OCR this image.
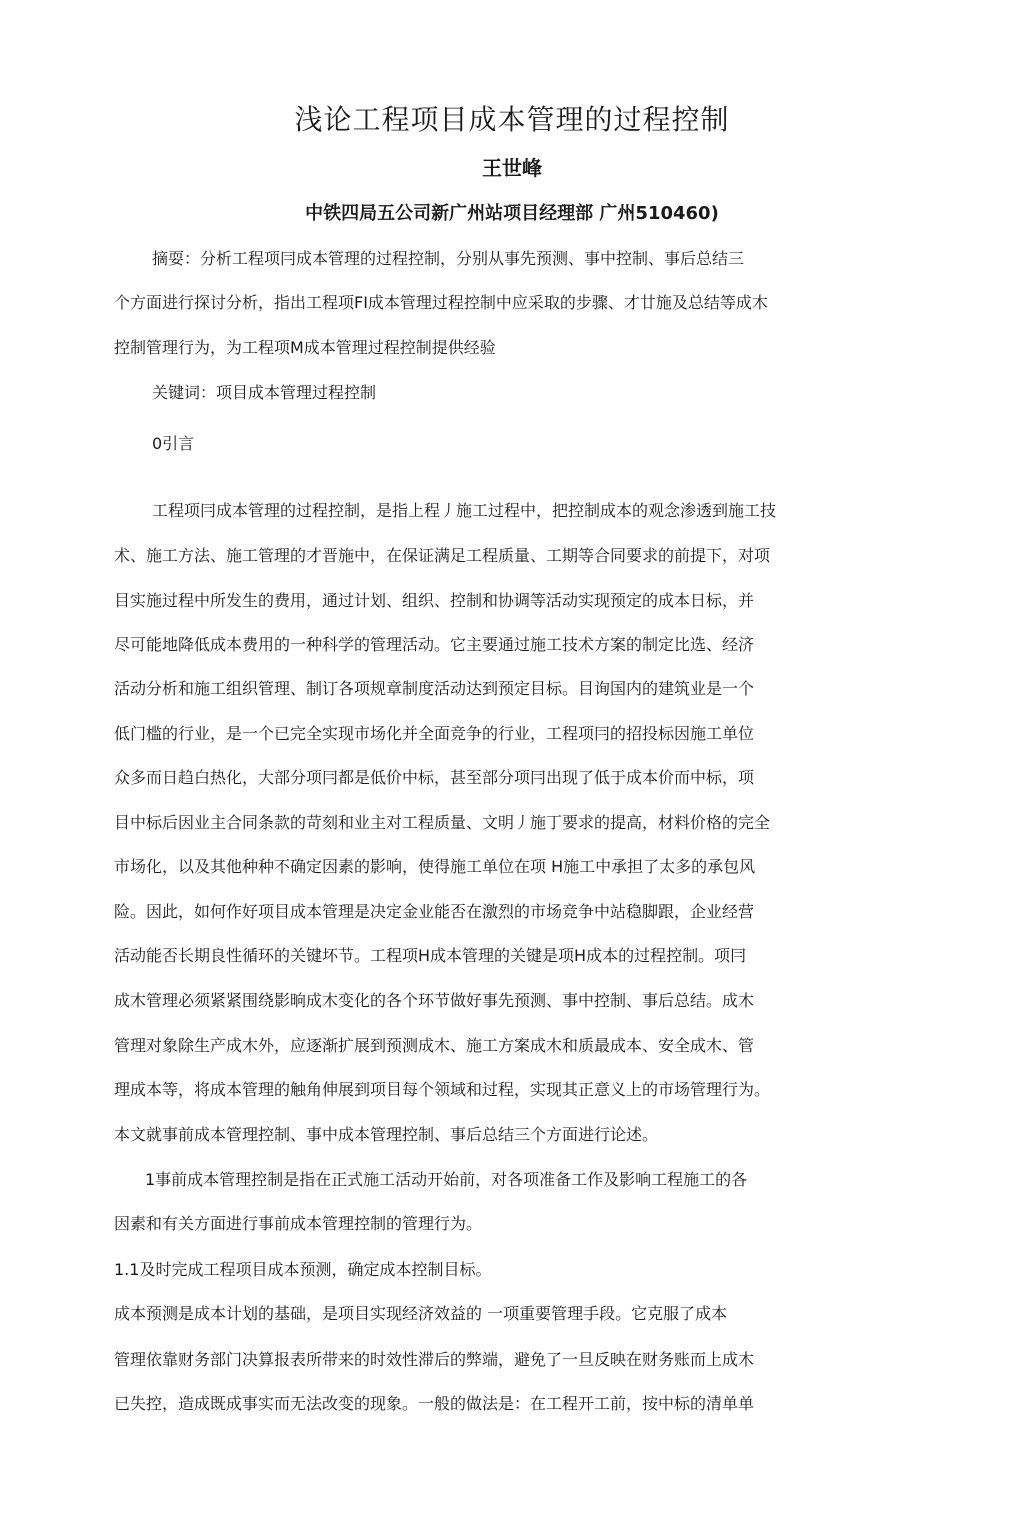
浅论工程项目成本管理的过程控制
王世峰
中铁四局五公司新广州站项目经理部 广州510460)

摘耍：分析工程项冃成本管理的过程控制，分别从事先预测、事中控制、事后总结三

个方面进行探讨分析，指出工程项FI成本管理过程控制中应采取的步骤、才廿施及总结等成木

控制管理行为，为工程项M成本管理过程控制提供经验

关键词：项目成本管理过程控制

0引言

工程项冃成本管理的过程控制，是指上程丿施工过程中，把控制成本的观念渗透到施工技

术、施工方法、施工管理的才晋施中，在保证满足工程质量、工期等合同要求的前提下，对项

目实施过程中所发生的费用，通过计划、组织、控制和协调等活动实现预定的成本日标，并

尽可能地降低成本费用的一种科学的管理活动。它主要通过施工技术方案的制定比选、经济

活动分析和施工组织管理、制订各项规章制度活动达到预定目标。目询国内的建筑业是一个

低门槛的行业，是一个已完全实现市场化并全面竞争的行业，工程项冃的招投标因施工单位

众多而日趋白热化，大部分项冃都是低价中标，甚至部分项冃出现了低于成本价而中标，项

目中标后因业主合同条款的苛刻和业主对工程质量、文明丿施丁要求的提高，材料价格的完全

市场化，以及其他种种不确定因素的影响，使得施工单位在项 H施工中承担了太多的承包风

险。因此，如何作好项目成本管理是决定金业能否在激烈的市场竞争中站稳脚跟，企业经营

活动能否长期良性循环的关键坏节。工程项H成本管理的关键是项H成本的过程控制。项冃

成木管理必须紧紧围绕影晌成木变化的各个环节做好事先预测、事中控制、事后总结。成木

管理对象除生产成木外，应逐渐扩展到预测成木、施工方案成木和质最成本、安全成木、管

理成本等，将成本管理的触角伸展到项目每个领域和过程，实现其正意义上的市场管理行为。

本文就事前成本管理控制、事中成本管理控制、事后总结三个方面进行论述。

1事前成本管理控制是指在正式施工活动开始前，对各项准备工作及影响工程施工的各

因素和有关方面进行事前成本管理控制的管理行为。

1.1及时完成工程项目成本预测，确定成本控制目标。

成本预测是成本计划的基础，是项目实现经济效益的 一项重要管理手段。它克服了成本

管理依靠财务部门决算报表所带来的时效性滞后的弊端，避免了一旦反映在财务账而上成木

已失控，造成既成事实而无法改变的现象。一般的做法是：在工程开工前，按中标的清单单
